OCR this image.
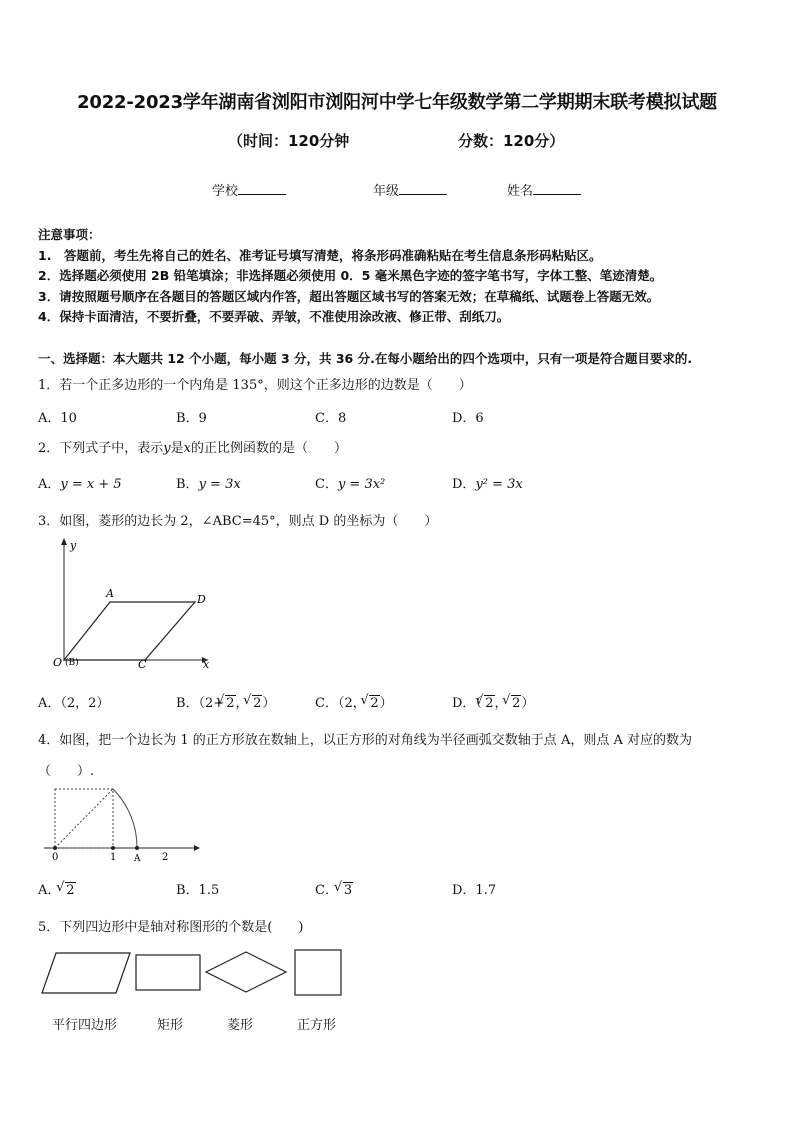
2022-2023学年湖南省浏阳市浏阳河中学七年级数学第二学期期末联考模拟试题
（时间：120分钟	分数：120分）
学校	年级	姓名
注意事项：
1.　答题前，考生先将自己的姓名、准考证号填写清楚，将条形码准确粘贴在考生信息条形码粘贴区。
2．选择题必须使用 2B 铅笔填涂；非选择题必须使用 0．5 毫米黑色字迹的签字笔书写，字体工整、笔迹清楚。
3．请按照题号顺序在各题目的答题区域内作答，超出答题区域书写的答案无效；在草稿纸、试题卷上答题无效。
4．保持卡面清洁，不要折叠，不要弄破、弄皱，不准使用涂改液、修正带、刮纸刀。
一、选择题：本大题共 12 个小题，每小题 3 分，共 36 分.在每小题给出的四个选项中，只有一项是符合题目要求的.
1．若一个正多边形的一个内角是 135°，则这个正多边形的边数是（　　）
A．10	B．9	C．8	D．6
2．下列式子中，表示y是x的正比例函数的是（　　）
A．y = x + 5	B．y = 3x	C．y = 3x²	D．y² = 3x
3．如图，菱形的边长为 2，∠ABC=45°，则点 D 的坐标为（　　）
y
x
A	D
O (B)	C
A．（2，2）	B．（2+ √ 2，   √ 2）	C．（2，   √ 2）	D．（  √ 2，   √ 2）
4．如图，把一个边长为 1 的正方形放在数轴上，以正方形的对角线为半径画弧交数轴于点 A，则点 A 对应的数为
（　　）.
0	1 A 2
A．    √ 2	B．1.5	C．    √ 3	D．1.7
5．下列四边形中是轴对称图形的个数是(　　)
平行四边形	矩形	菱形	正方形
